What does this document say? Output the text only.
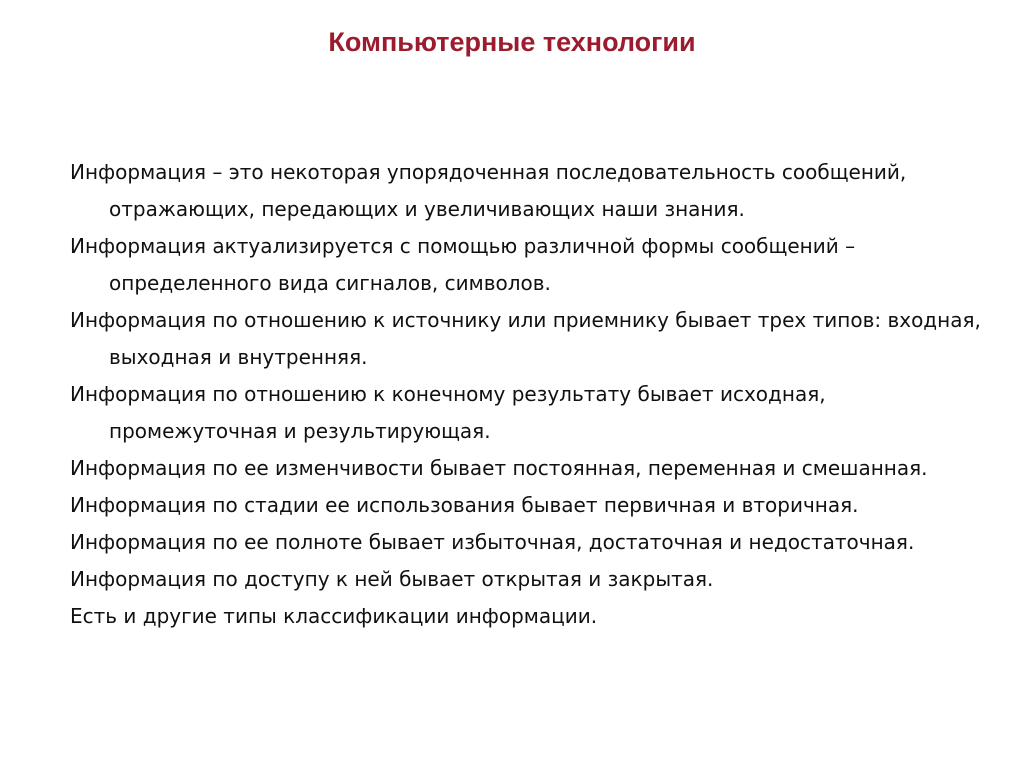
Компьютерные технологии
Информация – это некоторая упорядоченная последовательность сообщений, отражающих, передающих и увеличивающих наши знания.
Информация актуализируется с помощью различной формы сообщений – определенного вида сигналов, символов.
Информация по отношению к источнику или приемнику бывает трех типов: входная, выходная и внутренняя.
Информация по отношению к конечному результату бывает исходная, промежуточная и результирующая.
Информация по ее изменчивости бывает постоянная, переменная и смешанная.
Информация по стадии ее использования бывает первичная и вторичная.
Информация по ее полноте бывает избыточная, достаточная и недостаточная.
Информация по доступу к ней бывает открытая и закрытая.
Есть и другие типы классификации информации.
